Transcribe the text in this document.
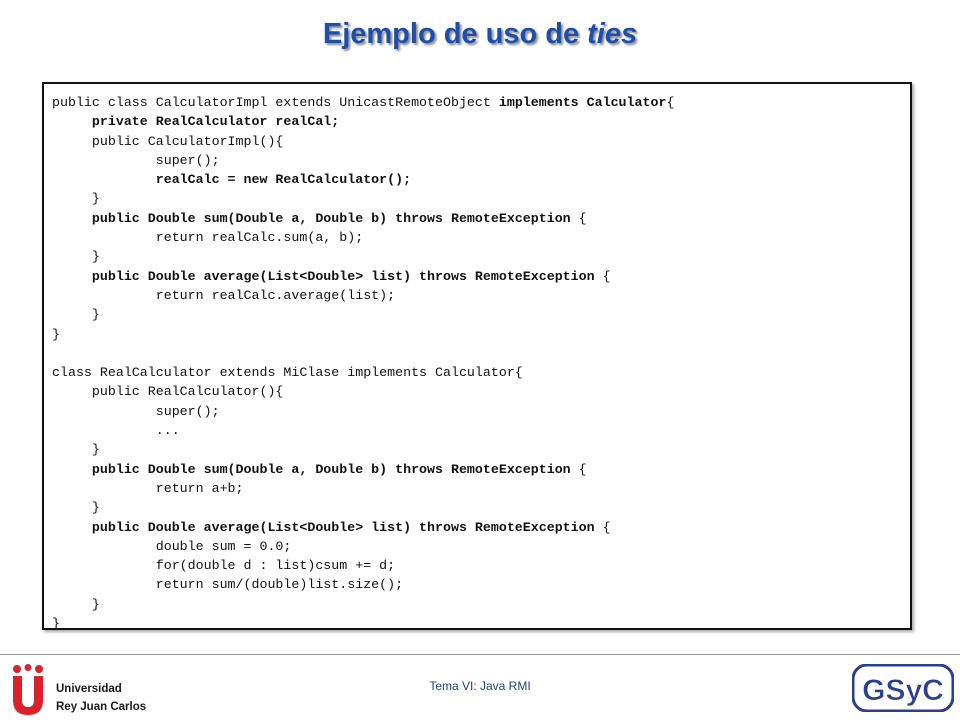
Ejemplo de uso de ties
public class CalculatorImpl extends UnicastRemoteObject implements Calculator{
private RealCalculator realCal;
public CalculatorImpl(){
super();
realCalc = new RealCalculator();
}
public Double sum(Double a, Double b) throws RemoteException {
return realCalc.sum(a, b);
}
public Double average(List<Double> list) throws RemoteException {
return realCalc.average(list);
}
}
class RealCalculator extends MiClase implements Calculator{
public RealCalculator(){
super();
...
}
public Double sum(Double a, Double b) throws RemoteException {
return a+b;
}
public Double average(List<Double> list) throws RemoteException {
double sum = 0.0;
for(double d : list)csum += d;
return sum/(double)list.size();
}
}
Universidad
Rey Juan Carlos
Tema VI: Java RMI	GSyC
